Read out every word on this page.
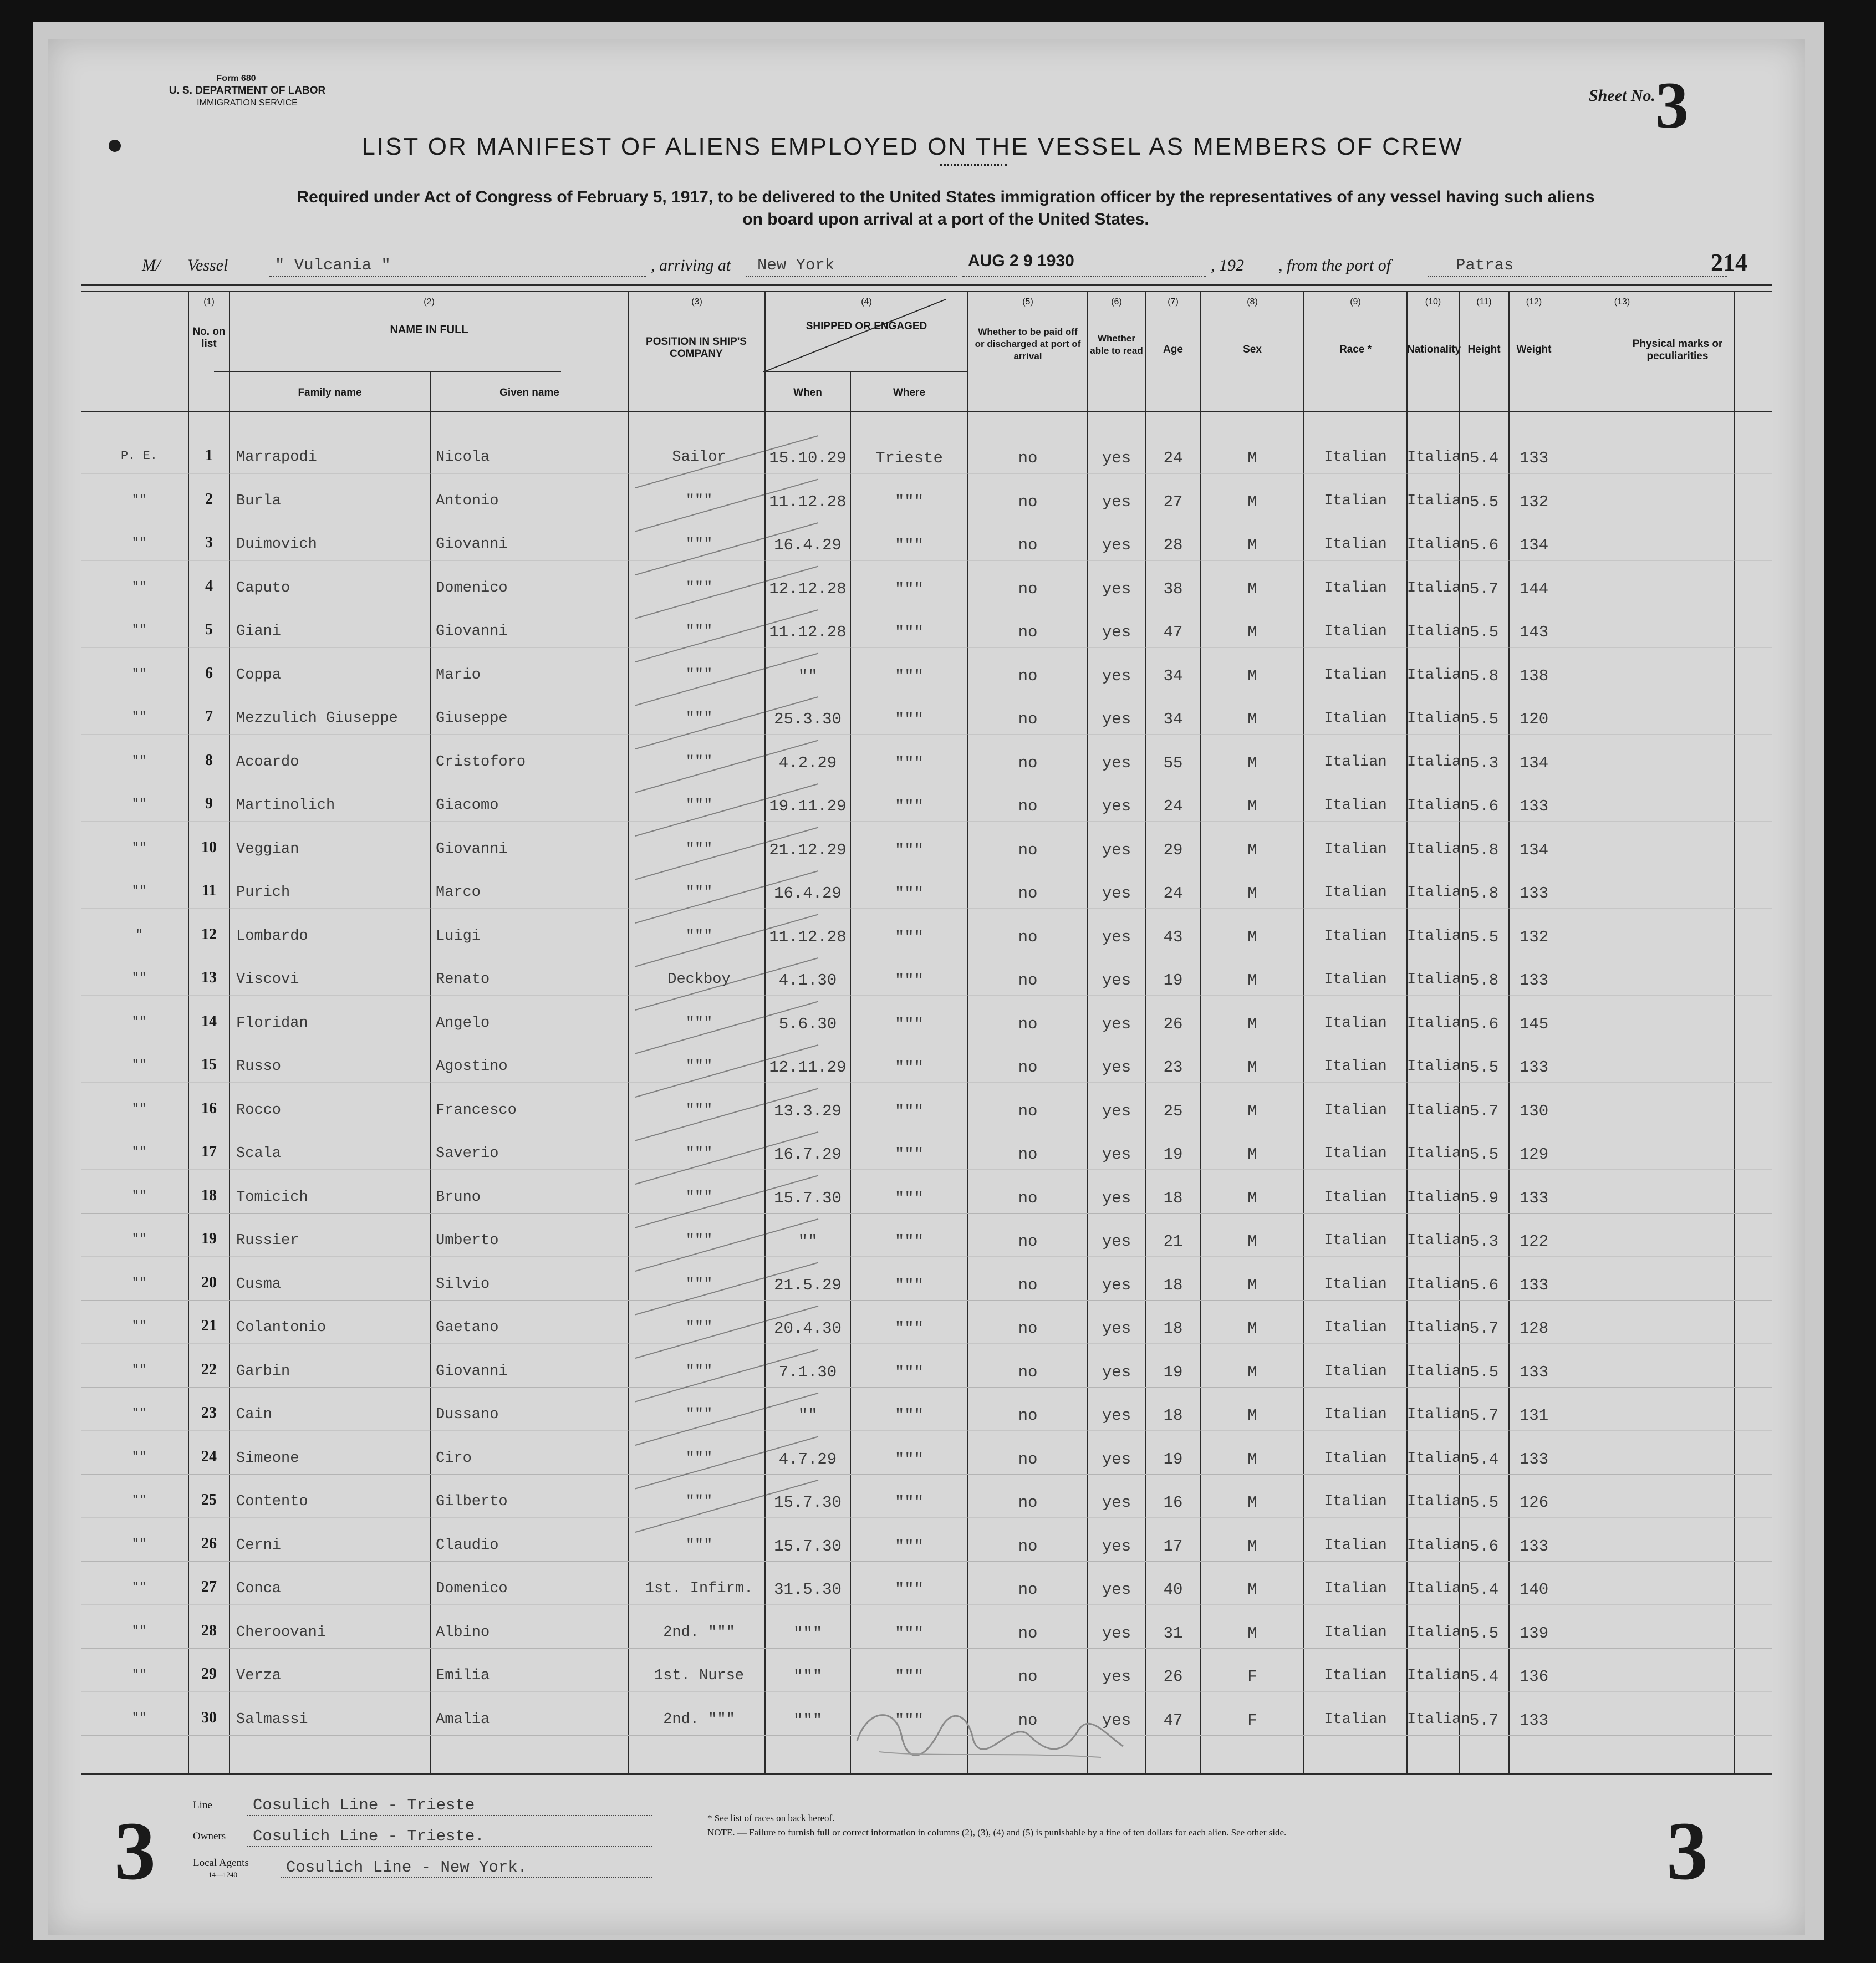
Form 680
U. S. DEPARTMENT OF LABOR
IMMIGRATION SERVICE	Sheet No. 3
LIST OR MANIFEST OF ALIENS EMPLOYED ON THE VESSEL AS MEMBERS OF CREW
Required under Act of Congress of February 5, 1917, to be delivered to the United States immigration officer by the representatives of any vessel having such aliens
on board upon arrival at a port of the United States.
M/ Vessel	" Vulcania "	, arriving at New York	AUG 2 9 1930	, 192 , from the port of	Patras	214
(1)	(2)	(3)	(4)	(5)	(6)	(7)	(8)	(9)	(10)	(11)	(12)	(13)
No. on list
NAME IN FULL
Family name	Given name
POSITION IN SHIP'S COMPANY
SHIPPED OR ENGAGED
When	Where
Whether to be paid off or discharged at port of arrival
Whether able to read	Age	Sex	Race *	Nationality Height	Weight	Physical marks or peculiarities
P. E.	1	Marrapodi	Nicola	Sailor	15.10.29	Trieste	no	yes	24	M	Italian	Italian 5.4	133
""	2	Burla	Antonio	"""	11.12.28	"""	no	yes	27	M	Italian	Italian 5.5	132
""	3	Duimovich	Giovanni	"""	16.4.29	"""	no	yes	28	M	Italian	Italian 5.6	134
""	4	Caputo	Domenico	"""	12.12.28	"""	no	yes	38	M	Italian	Italian 5.7	144
""	5	Giani	Giovanni	"""	11.12.28	"""	no	yes	47	M	Italian	Italian 5.5	143
""	6	Coppa	Mario	"""	""	"""	no	yes	34	M	Italian	Italian 5.8	138
""	7	Mezzulich Giuseppe	Giuseppe	"""	25.3.30	"""	no	yes	34	M	Italian	Italian 5.5	120
""	8	Acoardo	Cristoforo	"""	4.2.29	"""	no	yes	55	M	Italian	Italian 5.3	134
""	9	Martinolich	Giacomo	"""	19.11.29	"""	no	yes	24	M	Italian	Italian 5.6	133
""	10	Veggian	Giovanni	"""	21.12.29	"""	no	yes	29	M	Italian	Italian 5.8	134
""	11	Purich	Marco	"""	16.4.29	"""	no	yes	24	M	Italian	Italian 5.8	133
"	12	Lombardo	Luigi	"""	11.12.28	"""	no	yes	43	M	Italian	Italian 5.5	132
""	13	Viscovi	Renato	Deckboy	4.1.30	"""	no	yes	19	M	Italian	Italian 5.8	133
""	14	Floridan	Angelo	"""	5.6.30	"""	no	yes	26	M	Italian	Italian 5.6	145
""	15	Russo	Agostino	"""	12.11.29	"""	no	yes	23	M	Italian	Italian 5.5	133
""	16	Rocco	Francesco	"""	13.3.29	"""	no	yes	25	M	Italian	Italian 5.7	130
""	17	Scala	Saverio	"""	16.7.29	"""	no	yes	19	M	Italian	Italian 5.5	129
""	18	Tomicich	Bruno	"""	15.7.30	"""	no	yes	18	M	Italian	Italian 5.9	133
""	19	Russier	Umberto	"""	""	"""	no	yes	21	M	Italian	Italian 5.3	122
""	20	Cusma	Silvio	"""	21.5.29	"""	no	yes	18	M	Italian	Italian 5.6	133
""	21	Colantonio	Gaetano	"""	20.4.30	"""	no	yes	18	M	Italian	Italian 5.7	128
""	22	Garbin	Giovanni	"""	7.1.30	"""	no	yes	19	M	Italian	Italian 5.5	133
""	23	Cain	Dussano	"""	""	"""	no	yes	18	M	Italian	Italian 5.7	131
""	24	Simeone	Ciro	"""	4.7.29	"""	no	yes	19	M	Italian	Italian 5.4	133
""	25	Contento	Gilberto	"""	15.7.30	"""	no	yes	16	M	Italian	Italian 5.5	126
""	26	Cerni	Claudio	"""	15.7.30	"""	no	yes	17	M	Italian	Italian 5.6	133
""	27	Conca	Domenico	1st. Infirm.	31.5.30	"""	no	yes	40	M	Italian	Italian 5.4	140
""	28	Cheroovani	Albino	2nd. """	"""	"""	no	yes	31	M	Italian	Italian 5.5	139
""	29	Verza	Emilia	1st. Nurse	"""	"""	no	yes	26	F	Italian	Italian 5.4	136
""	30	Salmassi	Amalia	2nd. """	"""	"""	no	yes	47	F	Italian	Italian 5.7	133
3	3
Line	Cosulich Line - Trieste
Owners Cosulich Line - Trieste.
Local Agents
14—1240	Cosulich Line - New York.
* See list of races on back hereof.
NOTE. — Failure to furnish full or correct information in columns (2), (3), (4) and (5) is punishable by a fine of ten dollars for each alien. See other side.
